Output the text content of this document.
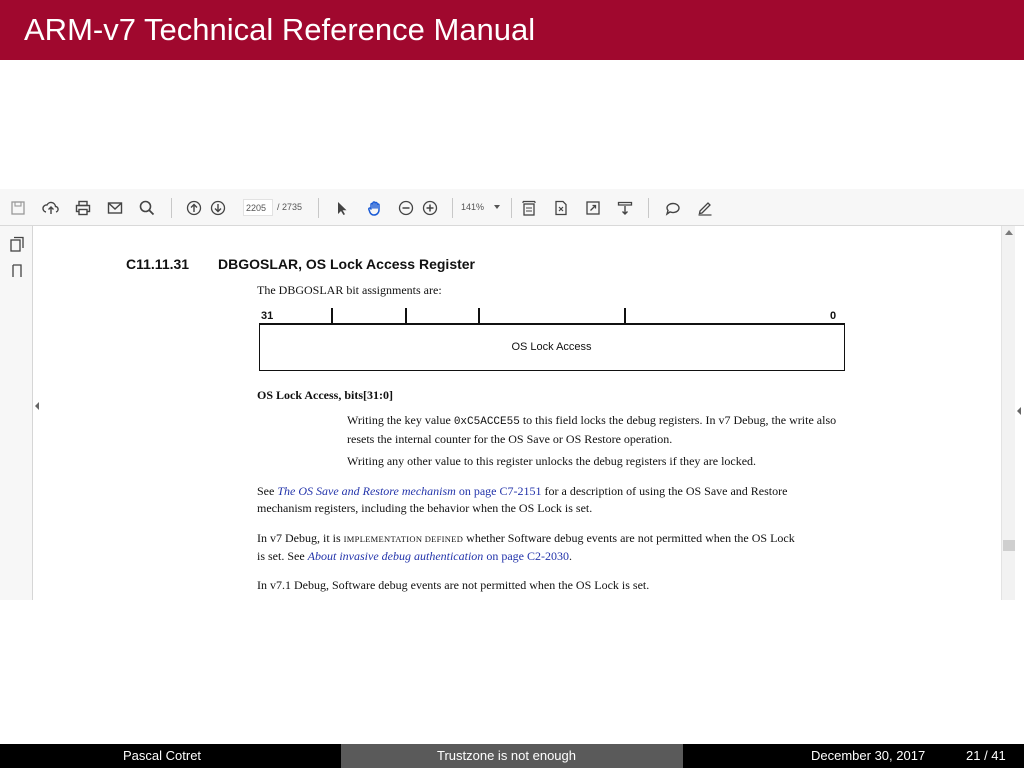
ARM-v7 Technical Reference Manual
2205	/ 2735	141%
C11.11.31 DBGOSLAR, OS Lock Access Register
The DBGOSLAR bit assignments are:
31	0
OS Lock Access
OS Lock Access, bits[31:0]
Writing the key value 0xC5ACCE55 to this field locks the debug registers. In v7 Debug, the write also
resets the internal counter for the OS Save or OS Restore operation.
Writing any other value to this register unlocks the debug registers if they are locked.
See The OS Save and Restore mechanism on page C7-2151 for a description of using the OS Save and Restore
mechanism registers, including the behavior when the OS Lock is set.
In v7 Debug, it is IMPLEMENTATION DEFINED whether Software debug events are not permitted when the OS Lock
is set. See About invasive debug authentication on page C2-2030.
In v7.1 Debug, Software debug events are not permitted when the OS Lock is set.
Pascal Cotret	Trustzone is not enough	December 30, 2017	21 / 41
